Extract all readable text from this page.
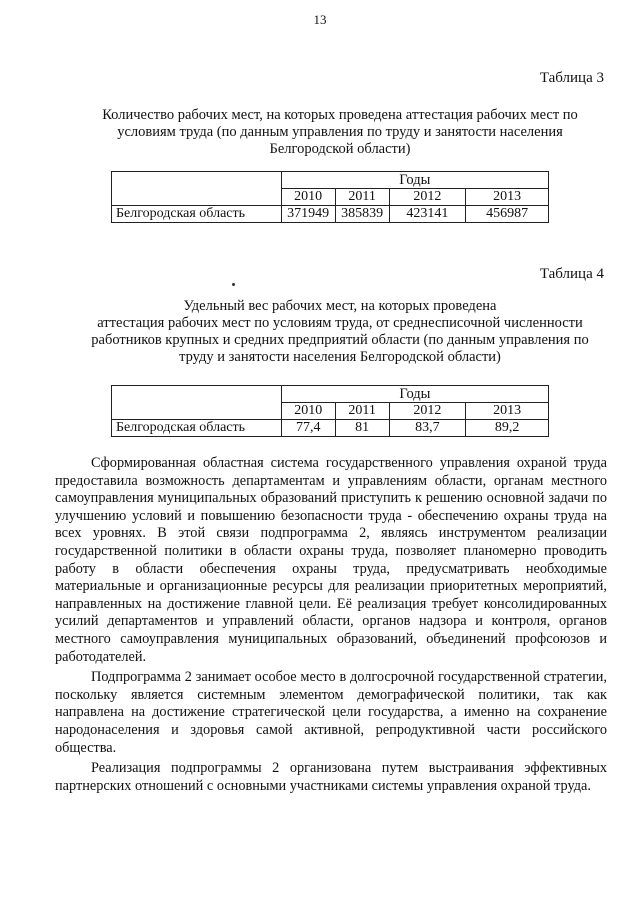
13
Таблица 3
Количество рабочих мест, на которых проведена аттестация рабочих мест по
условиям труда (по данным управления по труду и занятости населения
Белгородской области)
	Годы			
	2010	2011	2012	2013
Белгородская область	371949	385839	423141	456987
Таблица 4
Удельный вес рабочих мест, на которых проведена
аттестация рабочих мест по условиям труда, от среднесписочной численности
работников крупных и средних предприятий области (по данным управления по
труду и занятости населения Белгородской области)
	Годы			
	2010	2011	2012	2013
Белгородская область	77,4	81	83,7	89,2

Сформированная областная система государственного управления охраной труда предоставила возможность департаментам и управлениям области, органам местного самоуправления муниципальных образований приступить к решению основной задачи по улучшению условий и повышению безопасности труда - обеспечению охраны труда на всех уровнях. В этой связи подпрограмма 2, являясь инструментом реализации государственной политики в области охраны труда, позволяет планомерно проводить работу в области обеспечения охраны труда, предусматривать необходимые материальные и организационные ресурсы для реализации приоритетных мероприятий, направленных на достижение главной цели. Её реализация требует консолидированных усилий департаментов и управлений области, органов надзора и контроля, органов местного самоуправления муниципальных образований, объединений профсоюзов и работодателей.

Подпрограмма 2 занимает особое место в долгосрочной государственной стратегии, поскольку является системным элементом демографической политики, так как направлена на достижение стратегической цели государства, а именно на сохранение народонаселения и здоровья самой активной, репродуктивной части российского общества.

Реализация подпрограммы 2 организована путем выстраивания эффективных партнерских отношений с основными участниками системы управления охраной труда.
